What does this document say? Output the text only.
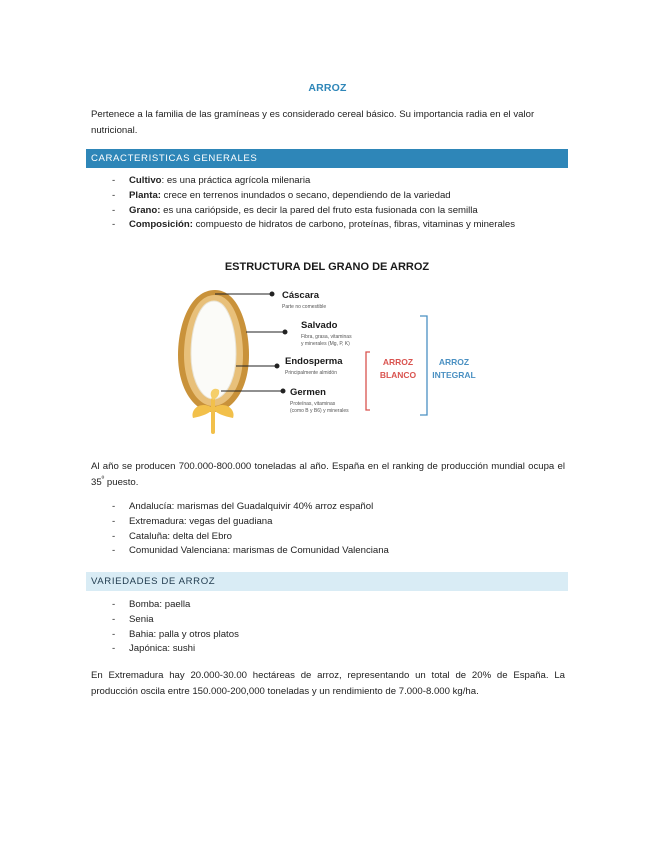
ARROZ
Pertenece a la familia de las gramíneas y es considerado cereal básico. Su importancia radia en el valor nutricional.
CARACTERISTICAS GENERALES
- Cultivo: es una práctica agrícola milenaria
- Planta: crece en terrenos inundados o secano, dependiendo de la variedad
- Grano: es una cariópside, es decir la pared del fruto esta fusionada con la semilla
- Composición: compuesto de hidratos de carbono, proteínas, fibras, vitaminas y minerales
ESTRUCTURA DEL GRANO DE ARROZ
Cáscara
Parte no comestible
Salvado
Fibra, grasa, vitaminas
y minerales (Mg, P, K)
Endosperma
Principalmente almidón
Germen
Proteínas, vitaminas
(como B y B6) y minerales
ARROZ
BLANCO
ARROZ
INTEGRAL
Al año se producen 700.000-800.000 toneladas al año. España en el ranking de producción mundial ocupa el $35^º$ puesto.
- Andalucía: marismas del Guadalquivir 40% arroz español
- Extremadura: vegas del guadiana
- Cataluña: delta del Ebro
- Comunidad Valenciana: marismas de Comunidad Valenciana
VARIEDADES DE ARROZ
- Bomba: paella
- Senia
- Bahia: palla y otros platos
- Japónica: sushi
En Extremadura hay 20.000-30.00 hectáreas de arroz, representando un total de 20% de España. La producción oscila entre 150.000-200,000 toneladas y un rendimiento de 7.000-8.000 kg/ha.
